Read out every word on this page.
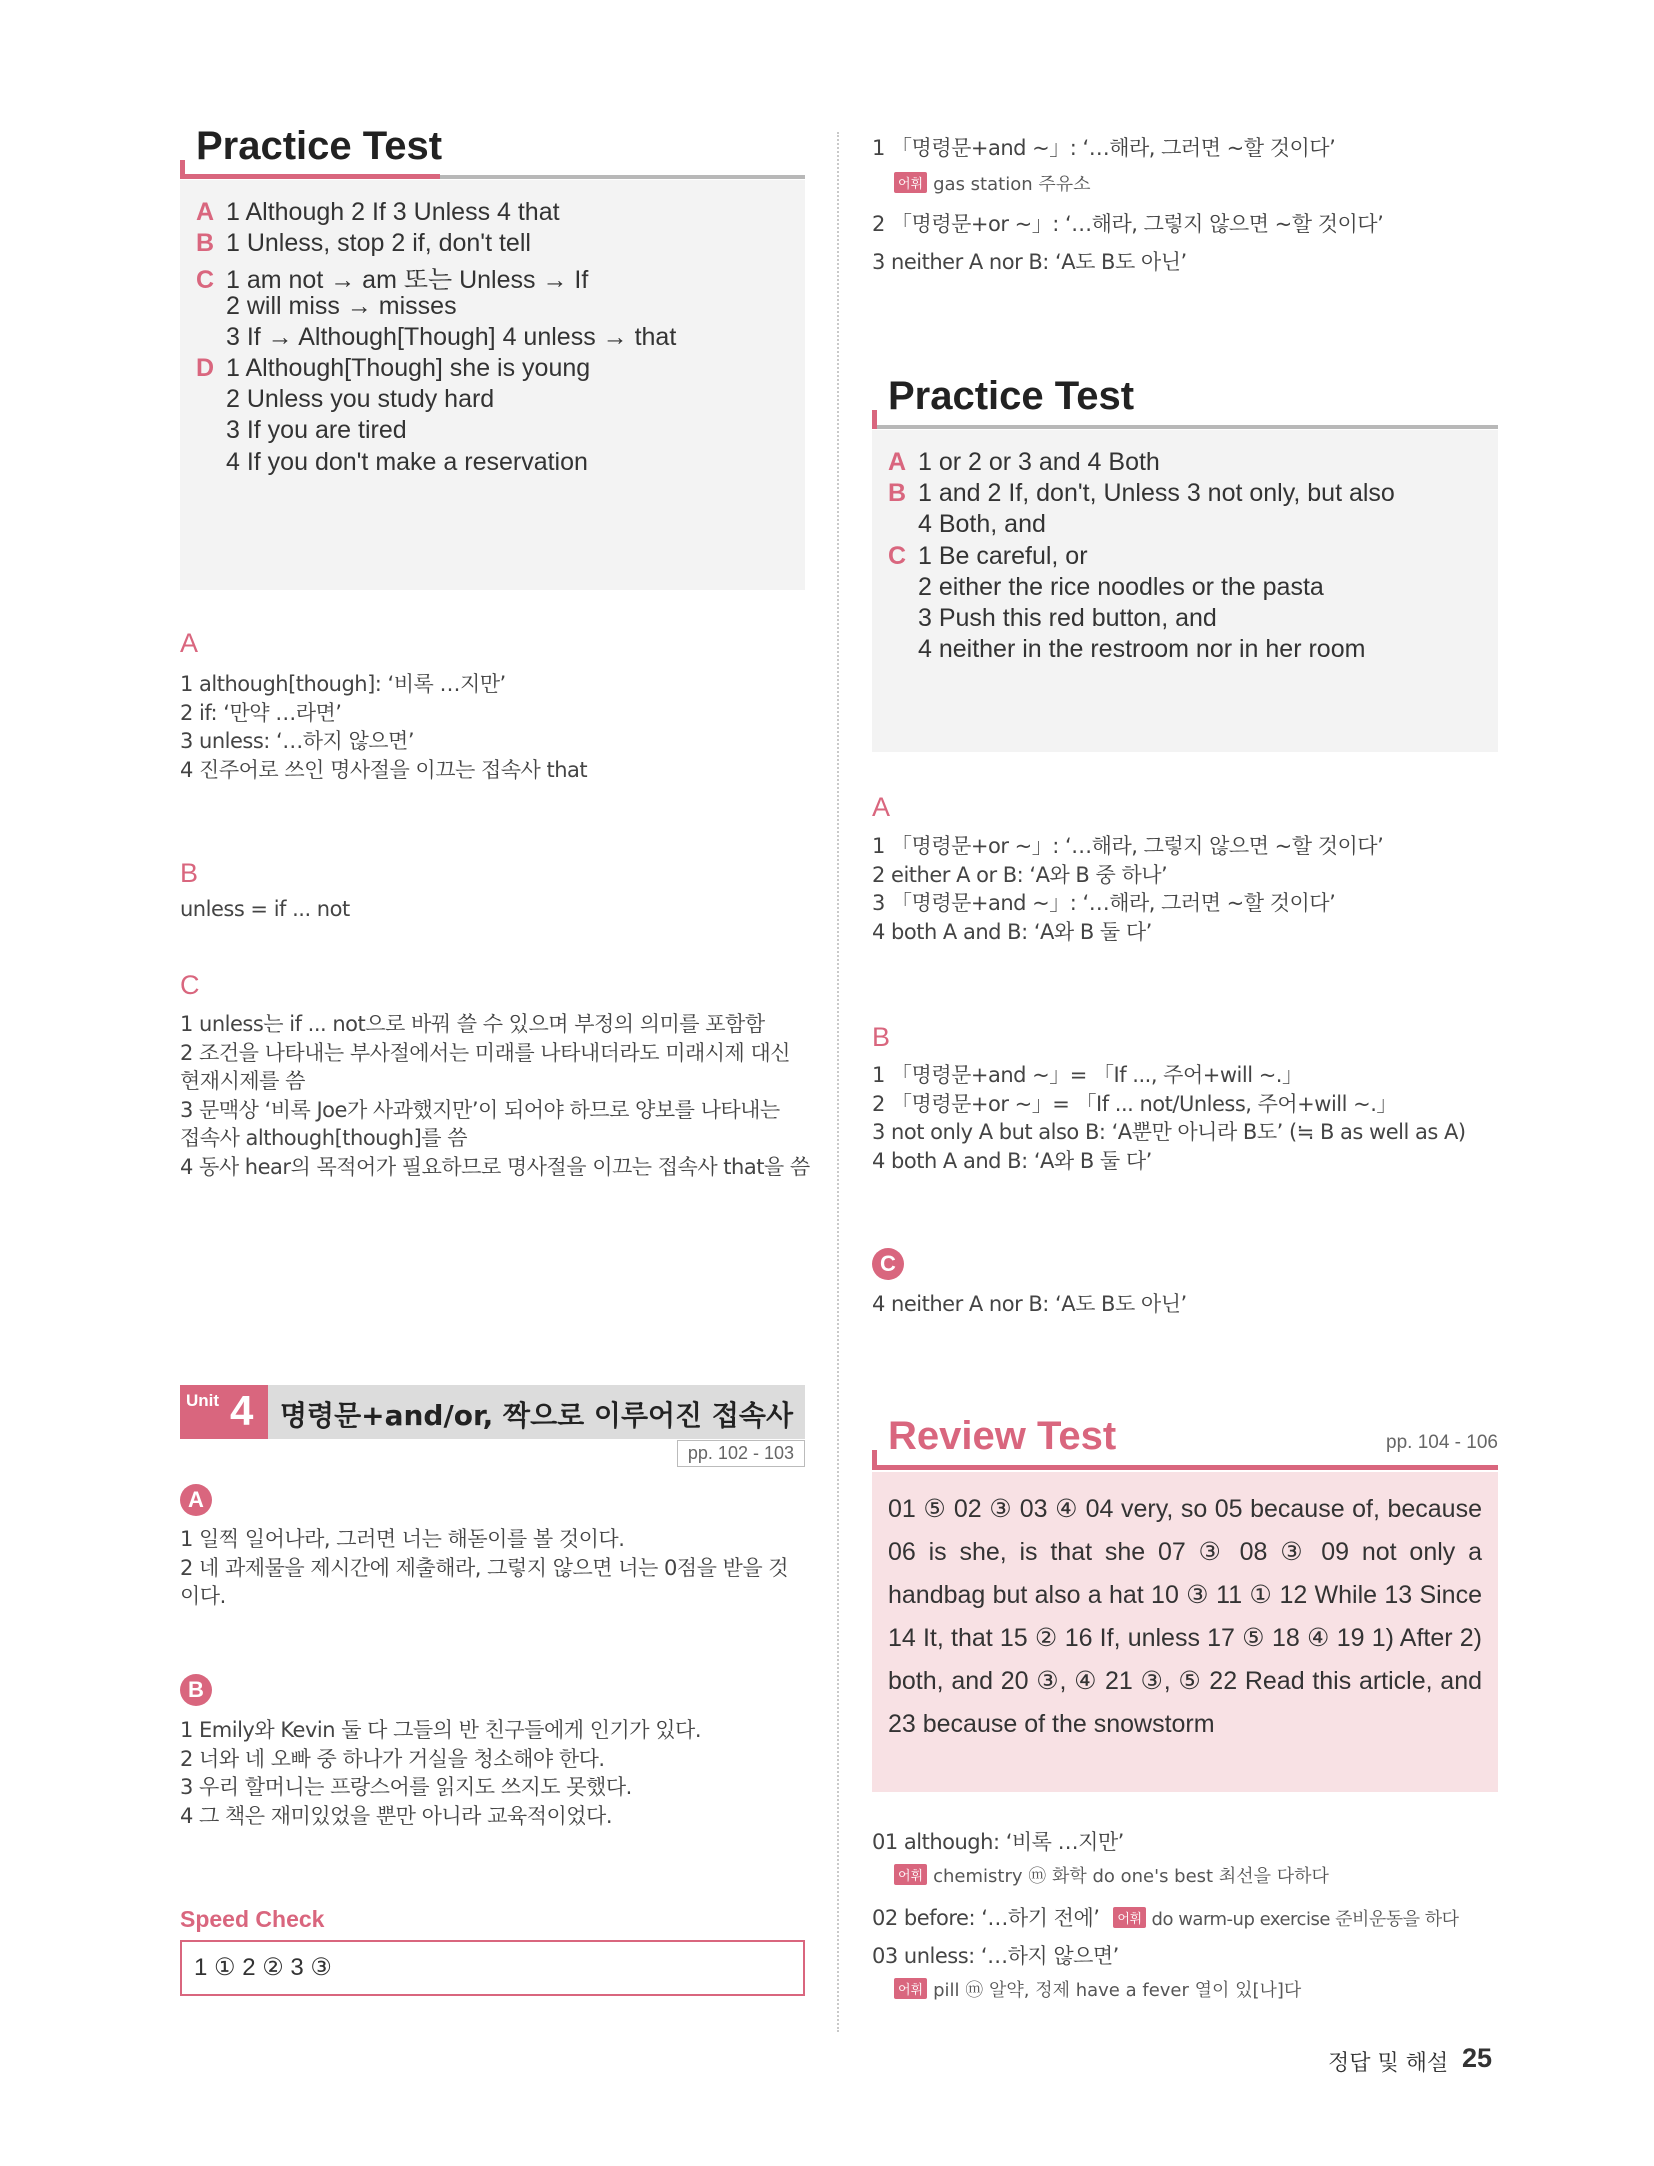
Practice Test
A 1 Although 2 If 3 Unless 4 that
B 1 Unless, stop 2 if, don't tell
C 1 am not → am 또는 Unless → If
2 will miss → misses
3 If → Although[Though] 4 unless → that
D 1 Although[Though] she is young
2 Unless you study hard
3 If you are tired
4 If you don't make a reservation
A
1 although[though]: ‘비록 …지만’
2 if: ‘만약 …라면’
3 unless: ‘…하지 않으면’
4 진주어로 쓰인 명사절을 이끄는 접속사 that
B
unless = if ... not
C
1 unless는 if ... not으로 바꿔 쓸 수 있으며 부정의 의미를 포함함
2 조건을 나타내는 부사절에서는 미래를 나타내더라도 미래시제 대신
현재시제를 씀
3 문맥상 ‘비록 Joe가 사과했지만’이 되어야 하므로 양보를 나타내는
접속사 although[though]를 씀
4 동사 hear의 목적어가 필요하므로 명사절을 이끄는 접속사 that을 씀
Unit 4 명령문+and/or, 짝으로 이루어진 접속사
pp. 102 - 103
A
1 일찍 일어나라, 그러면 너는 해돋이를 볼 것이다.
2 네 과제물을 제시간에 제출해라, 그렇지 않으면 너는 0점을 받을 것
이다.
B
1 Emily와 Kevin 둘 다 그들의 반 친구들에게 인기가 있다.
2 너와 네 오빠 중 하나가 거실을 청소해야 한다.
3 우리 할머니는 프랑스어를 읽지도 쓰지도 못했다.
4 그 책은 재미있었을 뿐만 아니라 교육적이었다.
Speed Check
1 ① 2 ② 3 ③
1 「명령문+and ~」: ‘…해라, 그러면 ~할 것이다’
어휘 gas station 주유소
2 「명령문+or ~」: ‘…해라, 그렇지 않으면 ~할 것이다’
3 neither A nor B: ‘A도 B도 아닌’
Practice Test
A 1 or 2 or 3 and 4 Both
B 1 and 2 If, don't, Unless 3 not only, but also
4 Both, and
C 1 Be careful, or
2 either the rice noodles or the pasta
3 Push this red button, and
4 neither in the restroom nor in her room
A
1 「명령문+or ~」: ‘…해라, 그렇지 않으면 ~할 것이다’
2 either A or B: ‘A와 B 중 하나’
3 「명령문+and ~」: ‘…해라, 그러면 ~할 것이다’
4 both A and B: ‘A와 B 둘 다’
B
1 「명령문+and ~」= 「If ..., 주어+will ~.」
2 「명령문+or ~」= 「If ... not/Unless, 주어+will ~.」
3 not only A but also B: ‘A뿐만 아니라 B도’ (≒ B as well as A)
4 both A and B: ‘A와 B 둘 다’
C
4 neither A nor B: ‘A도 B도 아닌’
Review Test	pp. 104 - 106
01 ⑤ 02 ③ 03 ④ 04 very, so 05 because of, because 06 is she, is that she 07 ③ 08 ③ 09 not only a handbag but also a hat 10 ③ 11 ① 12 While 13 Since 14 It, that 15 ② 16 If, unless 17 ⑤ 18 ④ 19 1) After 2) both, and 20 ③, ④ 21 ③, ⑤ 22 Read this article, and 23 because of the snowstorm
01 although: ‘비록 …지만’
어휘 chemistry ⓜ 화학 do one's best 최선을 다하다
02 before: ‘…하기 전에’ 어휘 do warm-up exercise 준비운동을 하다
03 unless: ‘…하지 않으면’
어휘 pill ⓜ 알약, 정제 have a fever 열이 있[나]다
정답 및 해설 25
